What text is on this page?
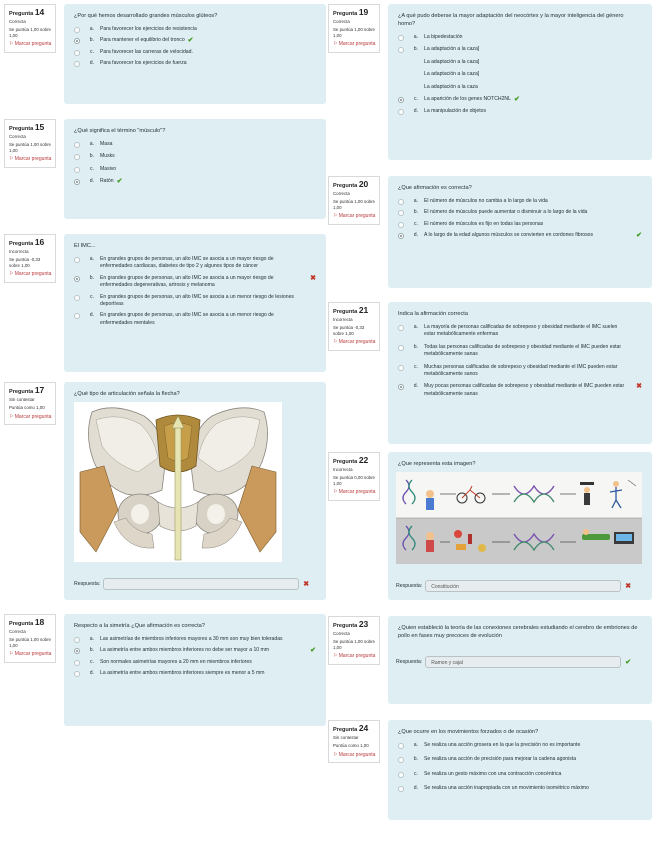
Pregunta 14
Correcta
Se puntúa 1,00 sobre 1,00
⚐ Marcar pregunta
¿Por qué hemos desarrollado grandes músculos glúteos?
a. Para favorecer los ejercicios de resistencia
b. Para mantener el equilibrio del tronco ✔
c. Para favorecer las carreras de velocidad.
d. Para favorecer los ejercicios de fuerza
Pregunta 15
Correcta
Se puntúa 1,00 sobre 1,00
⚐ Marcar pregunta
¿Qué significa el término "músculo"?
a. Masa
b. Musks
c. Masivo
d. Ratón ✔
Pregunta 16
Incorrecta
Se puntúa -0,33 sobre 1,00
⚐ Marcar pregunta
El IMC...
a. En grandes grupos de personas, un alto IMC se asocia a un mayor riesgo de enfermedades cardiacas, diabetes de tipo 2 y algunos tipos de cáncer
b. En grandes grupos de personas, un alto IMC se asocia a un mayor riesgo de enfermedades degenerativas, artrosis y melanoma
✖
c. En grandes grupos de personas, un alto IMC se asocia a un menor riesgo de lesiones deportivas
d. En grandes grupos de personas, un alto IMC se asocia a un menor riesgo de enfermedades mentales
Pregunta 17
Sin contestar
Puntúa como 1,00
⚐ Marcar pregunta
¿Qué tipo de articulación señala la flecha?
Respuesta:	✖
Pregunta 18
Correcta
Se puntúa 1,00 sobre 1,00
⚐ Marcar pregunta
Respecto a la simetría ¿Que afirmación es correcta?
a. Las asimetrías de miembros inferiores mayores a 30 mm son muy bien toleradas
b. La asimetría entre ambos miembros inferiores no debe ser mayor a 10 mm	✔
c. Son normales asimetrías mayores a 20 mm en miembros inferiores
d. La asimetría entre ambos miembros inferiores siempre es menor a 5 mm
Pregunta 19
Correcta
Se puntúa 1,00 sobre 1,00
⚐ Marcar pregunta
¿A qué pudo deberse la mayor adaptación del neocórtex y la mayor inteligencia del género homo?
a. La bipedestación
b. La adaptación a la caza]
La adaptación a la caza]
La adaptación a la caza]
La adaptación a la caza
c. La aparición de los genes NOTCH2NL ✔
d. La manipulación de objetos
Pregunta 20
Correcta
Se puntúa 1,00 sobre 1,00
⚐ Marcar pregunta
¿Que afirmación es correcta?
a. El número de músculos no cambia a lo largo de la vida
b. El número de músculos puede aumentar o disminuir a lo largo de la vida
c. El número de músculos es fijo en todas las personas
d. A lo largo de la edad algunos músculos se convierten en cordones fibrosos	✔
Pregunta 21
Incorrecta
Se puntúa -0,33 sobre 1,00
⚐ Marcar pregunta
Indica la afirmación correcta
a. La mayoría de personas calificadas de sobrepeso y obesidad mediante el IMC suelen estar metabólicamente enfermas
b. Todas las personas calificadas de sobrepeso y obesidad mediante el IMC pueden estar metabólicamente sanas
c. Muchas personas calificadas de sobrepeso y obesidad mediante el IMC pueden estar metabólicamente sanos
d. Muy pocas personas calificadas de sobrepeso y obesidad mediante el IMC pueden estar metabólicamente sanas
✖
Pregunta 22
Incorrecta
Se puntúa 0,00 sobre 1,00
⚐ Marcar pregunta
¿Que representa esta imagen?
Respuesta:	Constitución	✖
Pregunta 23
Correcta
Se puntúa 1,00 sobre 1,00
⚐ Marcar pregunta
¿Quien estableció la teoría de las conexiones cerebrales estudiando el cerebro de embriones de pollo en fases muy precoces de evolución
Respuesta:	Ramon y cajal	✔
Pregunta 24
Sin contestar
Puntúa como 1,00
⚐ Marcar pregunta
¿Que ocurre en los movimientos forzados o de ocasión?
a. Se realiza una acción grosera en la que la precisión no es importante
b. Se realiza una acción de precisión para mejorar la cadena agonista
c. Se realiza un gesto máximo con una contracción concéntrica
d. Se realiza una acción inapropiada con un movimiento isométrico máximo
